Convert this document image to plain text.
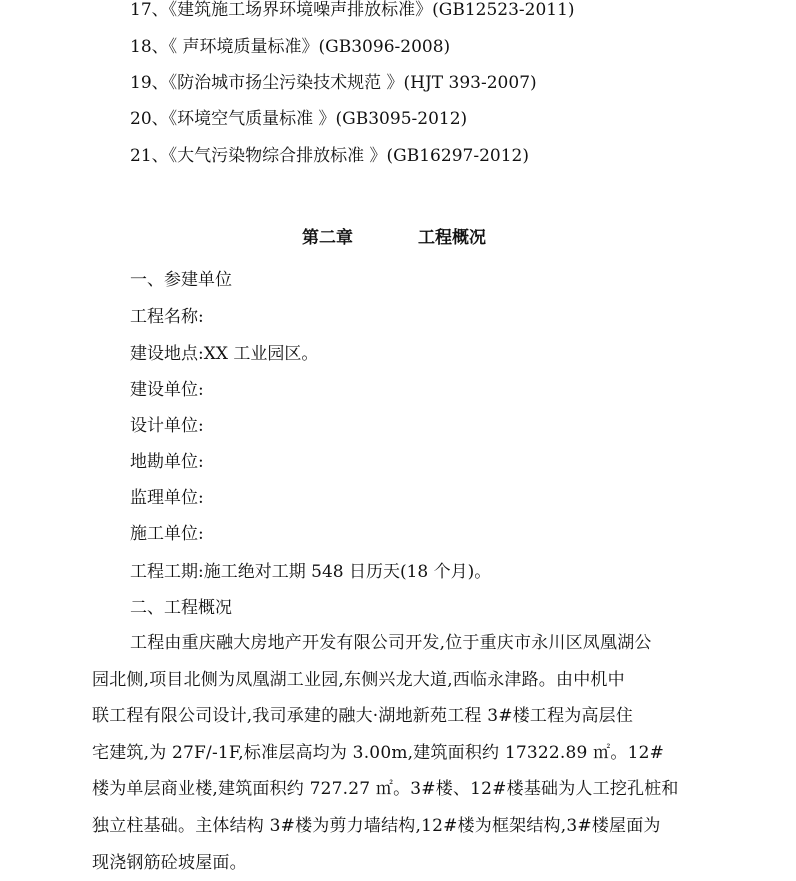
17、《建筑施工场界环境噪声排放标准》(GB12523-2011)
18、《 声环境质量标准》(GB3096-2008)
19、《防治城市扬尘污染技术规范 》(HJT 393-2007)
20、《环境空气质量标准 》(GB3095-2012)
21、《大气污染物综合排放标准 》(GB16297-2012)
第二章	工程概况
一、参建单位
工程名称:
建设地点:XX 工业园区。
建设单位:
设计单位:
地勘单位:
监理单位:
施工单位:
工程工期:施工绝对工期 548 日历天(18 个月)。
二、工程概况
工程由重庆融大房地产开发有限公司开发,位于重庆市永川区凤凰湖公
园北侧,项目北侧为凤凰湖工业园,东侧兴龙大道,西临永津路。由中机中
联工程有限公司设计,我司承建的融大·湖地新苑工程 3#楼工程为高层住
宅建筑,为 27F/-1F,标准层高均为 3.00m,建筑面积约 17322.89 ㎡。12#
楼为单层商业楼,建筑面积约 727.27 ㎡。3#楼、12#楼基础为人工挖孔桩和
独立柱基础。主体结构 3#楼为剪力墙结构,12#楼为框架结构,3#楼屋面为
现浇钢筋砼坡屋面。
